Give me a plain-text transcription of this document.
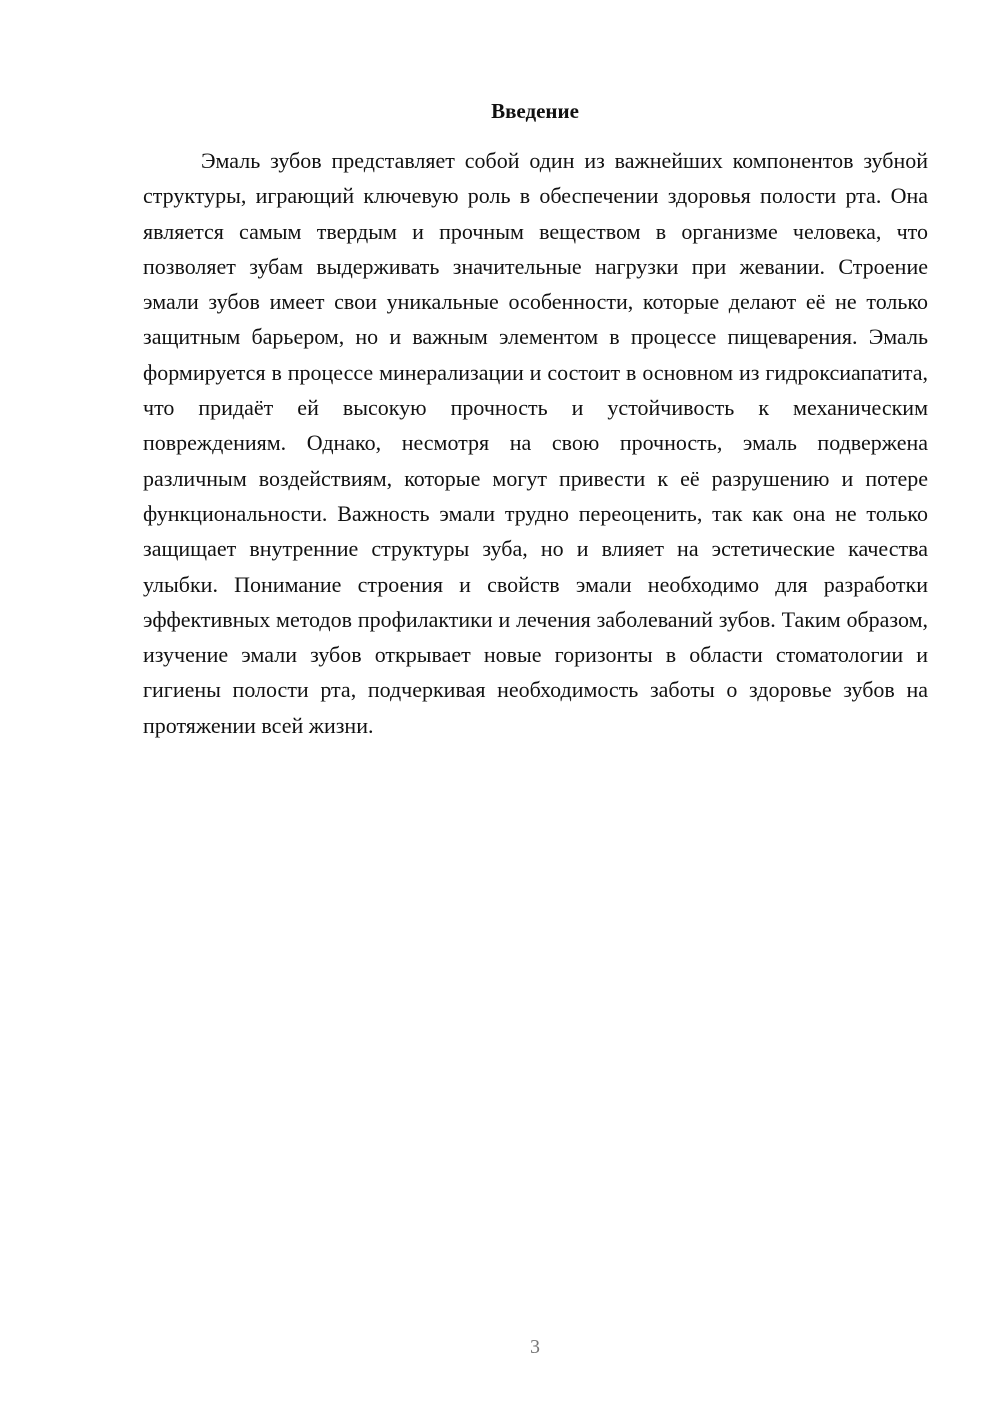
Введение

Эмаль зубов представляет собой один из важнейших компонентов зубной структуры, играющий ключевую роль в обеспечении здоровья полости рта. Она является самым твердым и прочным веществом в организме человека, что позволяет зубам выдерживать значительные нагрузки при жевании. Строение эмали зубов имеет свои уникальные особенности, которые делают её не только защитным барьером, но и важным элементом в процессе пищеварения. Эмаль формируется в процессе минерализации и состоит в основном из гидроксиапатита, что придаёт ей высокую прочность и устойчивость к механическим повреждениям. Однако, несмотря на свою прочность, эмаль подвержена различным воздействиям, которые могут привести к её разрушению и потере функциональности. Важность эмали трудно переоценить, так как она не только защищает внутренние структуры зуба, но и влияет на эстетические качества улыбки. Понимание строения и свойств эмали необходимо для разработки эффективных методов профилактики и лечения заболеваний зубов. Таким образом, изучение эмали зубов открывает новые горизонты в области стоматологии и гигиены полости рта, подчеркивая необходимость заботы о здоровье зубов на протяжении всей жизни.

3
